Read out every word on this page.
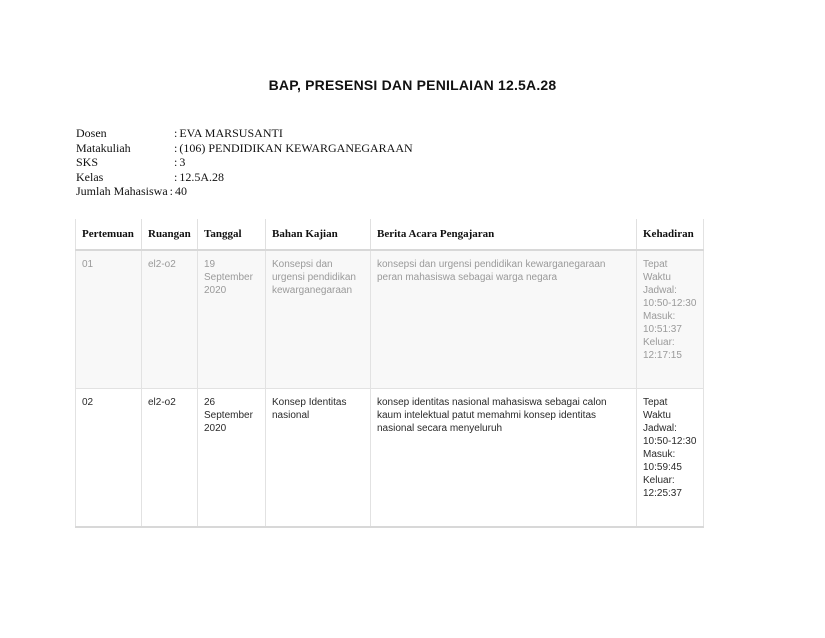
BAP, PRESENSI DAN PENILAIAN 12.5A.28
Dosen	: EVA MARSUSANTI
Matakuliah	: (106) PENDIDIKAN KEWARGANEGARAAN
SKS	: 3
Kelas	: 12.5A.28
Jumlah Mahasiswa : 40
Pertemuan	Ruangan	Tanggal	Bahan Kajian	Berita Acara Pengajaran	Kehadiran
01	el2-o2	19 September 2020	Konsepsi dan urgensi pendidikan kewarganegaraan	konsepsi dan urgensi pendidikan kewarganegaraan peran mahasiswa sebagai warga negara	Tepat Waktu
Jadwal: 10:50-12:30
Masuk: 10:51:37
Keluar: 12:17:15

02	el2-o2	26 September 2020	Konsep Identitas nasional	konsep identitas nasional mahasiswa sebagai calon kaum intelektual patut memahmi konsep identitas nasional secara menyeluruh	Tepat Waktu
Jadwal: 10:50-12:30
Masuk: 10:59:45
Keluar: 12:25:37
